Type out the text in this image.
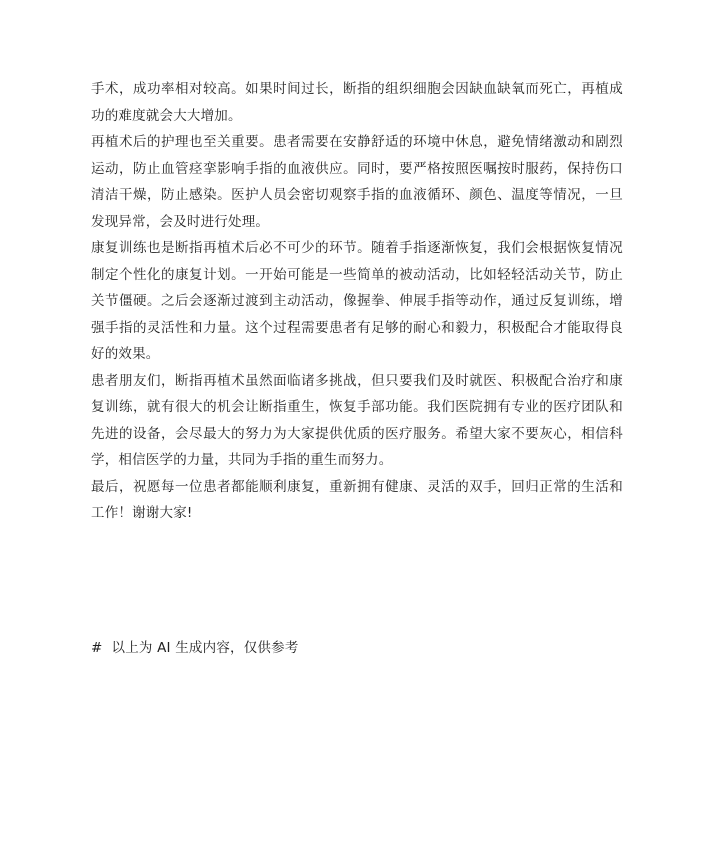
手术，成功率相对较高。如果时间过长，断指的组织细胞会因缺血缺氧而死亡，再植成功的难度就会大大增加。

再植术后的护理也至关重要。患者需要在安静舒适的环境中休息，避免情绪激动和剧烈运动，防止血管痉挛影响手指的血液供应。同时，要严格按照医嘱按时服药，保持伤口清洁干燥，防止感染。医护人员会密切观察手指的血液循环、颜色、温度等情况，一旦发现异常，会及时进行处理。

康复训练也是断指再植术后必不可少的环节。随着手指逐渐恢复，我们会根据恢复情况制定个性化的康复计划。一开始可能是一些简单的被动活动，比如轻轻活动关节，防止关节僵硬。之后会逐渐过渡到主动活动，像握拳、伸展手指等动作，通过反复训练，增强手指的灵活性和力量。这个过程需要患者有足够的耐心和毅力，积极配合才能取得良好的效果。

患者朋友们，断指再植术虽然面临诸多挑战，但只要我们及时就医、积极配合治疗和康复训练，就有很大的机会让断指重生，恢复手部功能。我们医院拥有专业的医疗团队和先进的设备，会尽最大的努力为大家提供优质的医疗服务。希望大家不要灰心，相信科学，相信医学的力量，共同为手指的重生而努力。

最后，祝愿每一位患者都能顺利康复，重新拥有健康、灵活的双手，回归正常的生活和工作！谢谢大家!

# 以上为 AI 生成内容，仅供参考
